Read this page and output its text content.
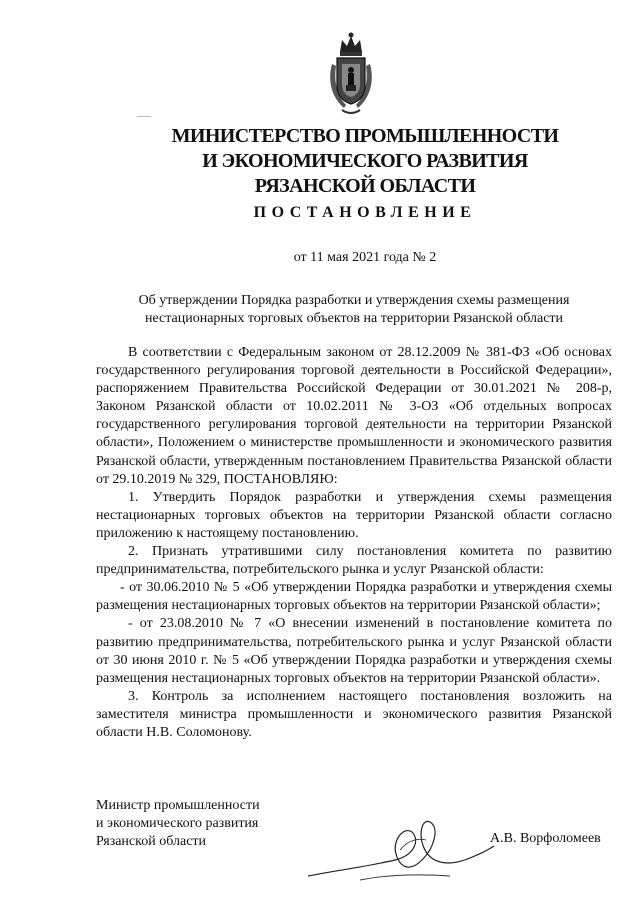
МИНИСТЕРСТВО ПРОМЫШЛЕННОСТИ
И ЭКОНОМИЧЕСКОГО РАЗВИТИЯ
РЯЗАНСКОЙ ОБЛАСТИ
ПОСТАНОВЛЕНИЕ
от 11 мая 2021 года № 2
Об утверждении Порядка разработки и утверждения схемы размещения
нестационарных торговых объектов на территории Рязанской области

В соответствии с Федеральным законом от 28.12.2009 № 381-ФЗ «Об основах государственного регулирования торговой деятельности в Российской Федерации», распоряжением Правительства Российской Федерации от 30.01.2021 № 208-р, Законом Рязанской области от 10.02.2011 № 3-ОЗ «Об отдельных вопросах государственного регулирования торговой деятельности на территории Рязанской области», Положением о министерстве промышленности и экономического развития Рязанской области, утвержденным постановлением Правительства Рязанской области от 29.10.2019 № 329, ПОСТАНОВЛЯЮ:

1. Утвердить Порядок разработки и утверждения схемы размещения нестационарных торговых объектов на территории Рязанской области согласно приложению к настоящему постановлению.

2. Признать утратившими силу постановления комитета по развитию предпринимательства, потребительского рынка и услуг Рязанской области:

- от 30.06.2010 № 5 «Об утверждении Порядка разработки и утверждения схемы размещения нестационарных торговых объектов на территории Рязанской области»;

- от 23.08.2010 № 7 «О внесении изменений в постановление комитета по развитию предпринимательства, потребительского рынка и услуг Рязанской области от 30 июня 2010 г. № 5 «Об утверждении Порядка разработки и утверждения схемы размещения нестационарных торговых объектов на территории Рязанской области».

3. Контроль за исполнением настоящего постановления возложить на заместителя министра промышленности и экономического развития Рязанской области Н.В. Соломонову.

Министр промышленности
и экономического развития
Рязанской области	А.В. Ворфоломеев
